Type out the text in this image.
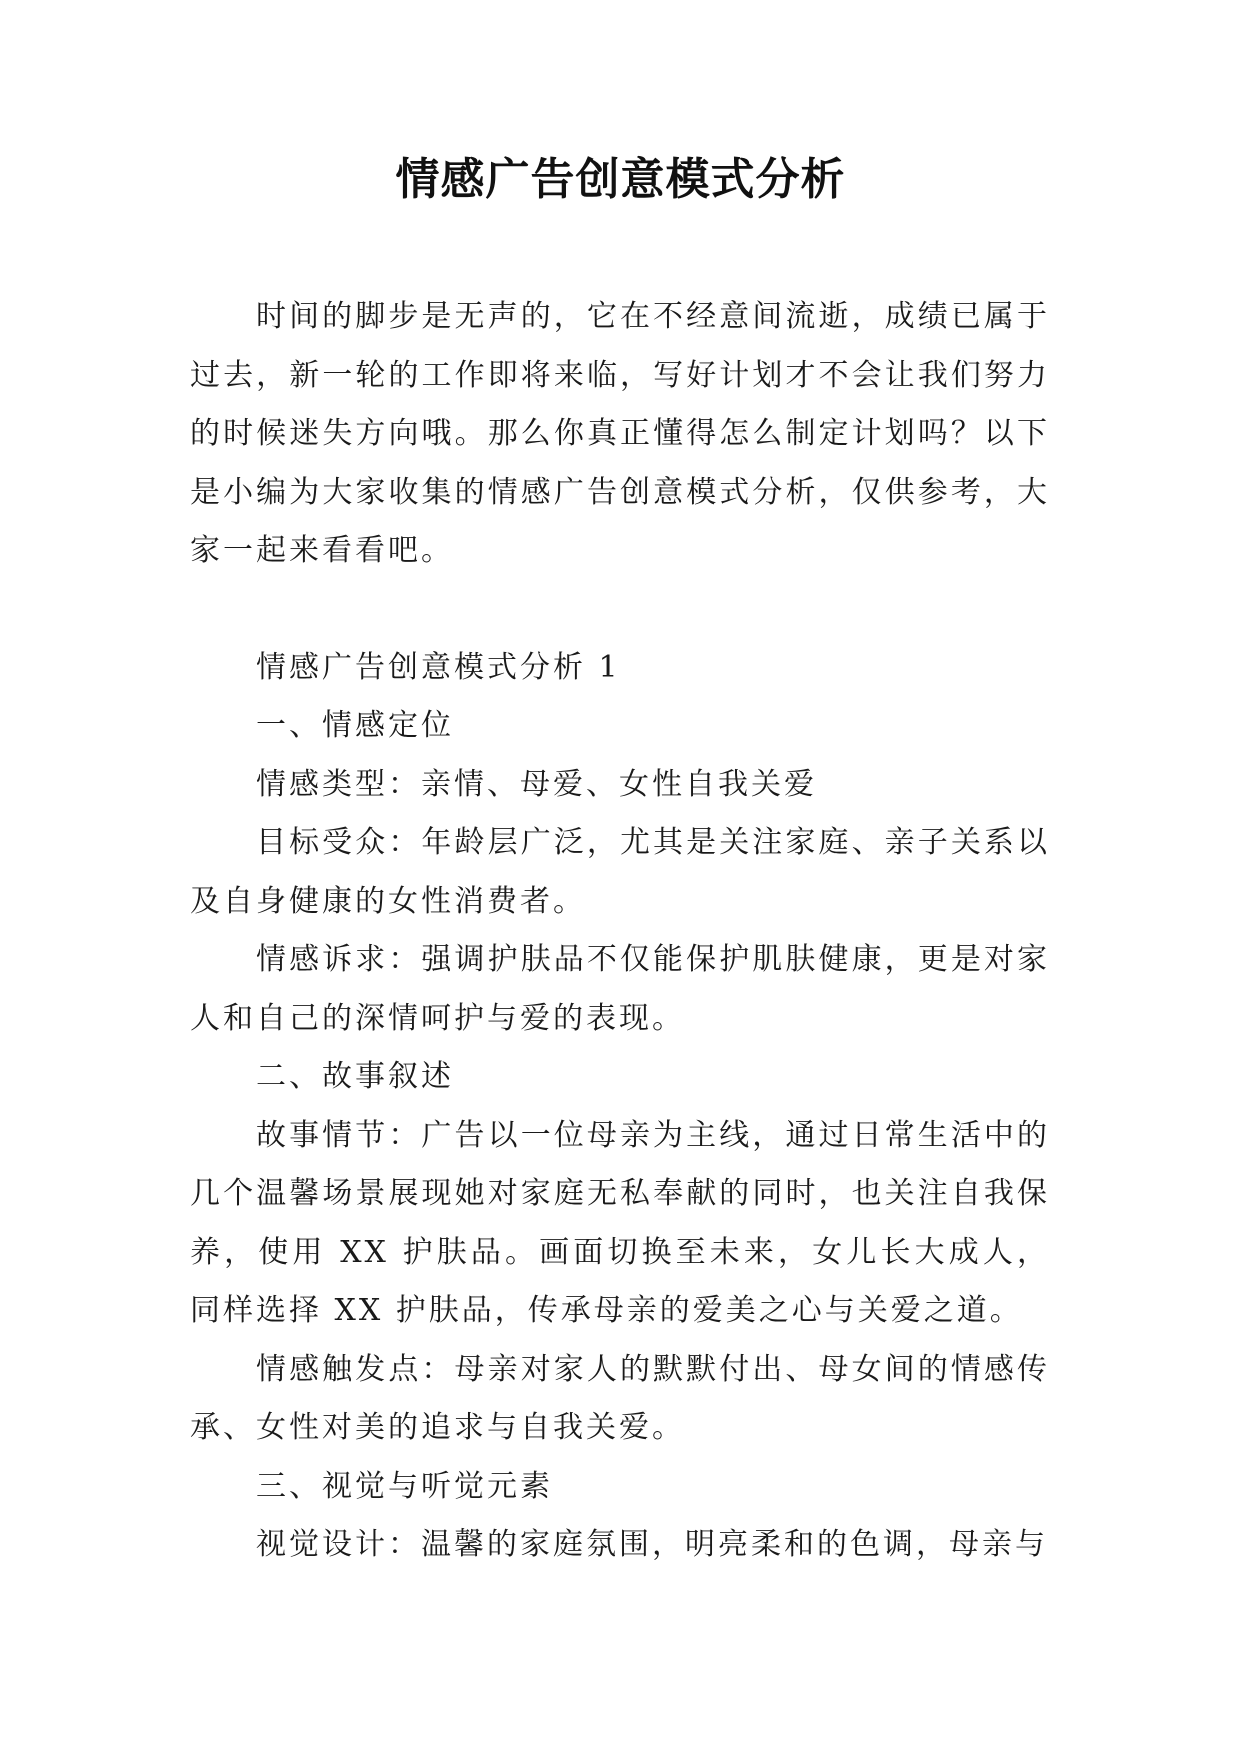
情感广告创意模式分析

时间的脚步是无声的，它在不经意间流逝，成绩已属于过去，新一轮的工作即将来临，写好计划才不会让我们努力的时候迷失方向哦。那么你真正懂得怎么制定计划吗？以下是小编为大家收集的情感广告创意模式分析，仅供参考，大家一起来看看吧。

情感广告创意模式分析 1

一、情感定位

情感类型：亲情、母爱、女性自我关爱

目标受众：年龄层广泛，尤其是关注家庭、亲子关系以及自身健康的女性消费者。

情感诉求：强调护肤品不仅能保护肌肤健康，更是对家人和自己的深情呵护与爱的表现。

二、故事叙述

故事情节：广告以一位母亲为主线，通过日常生活中的几个温馨场景展现她对家庭无私奉献的同时，也关注自我保养，使用 XX 护肤品。画面切换至未来，女儿长大成人，同样选择 XX 护肤品，传承母亲的爱美之心与关爱之道。

情感触发点：母亲对家人的默默付出、母女间的情感传承、女性对美的追求与自我关爱。

三、视觉与听觉元素

视觉设计：温馨的家庭氛围，明亮柔和的色调，母亲与
